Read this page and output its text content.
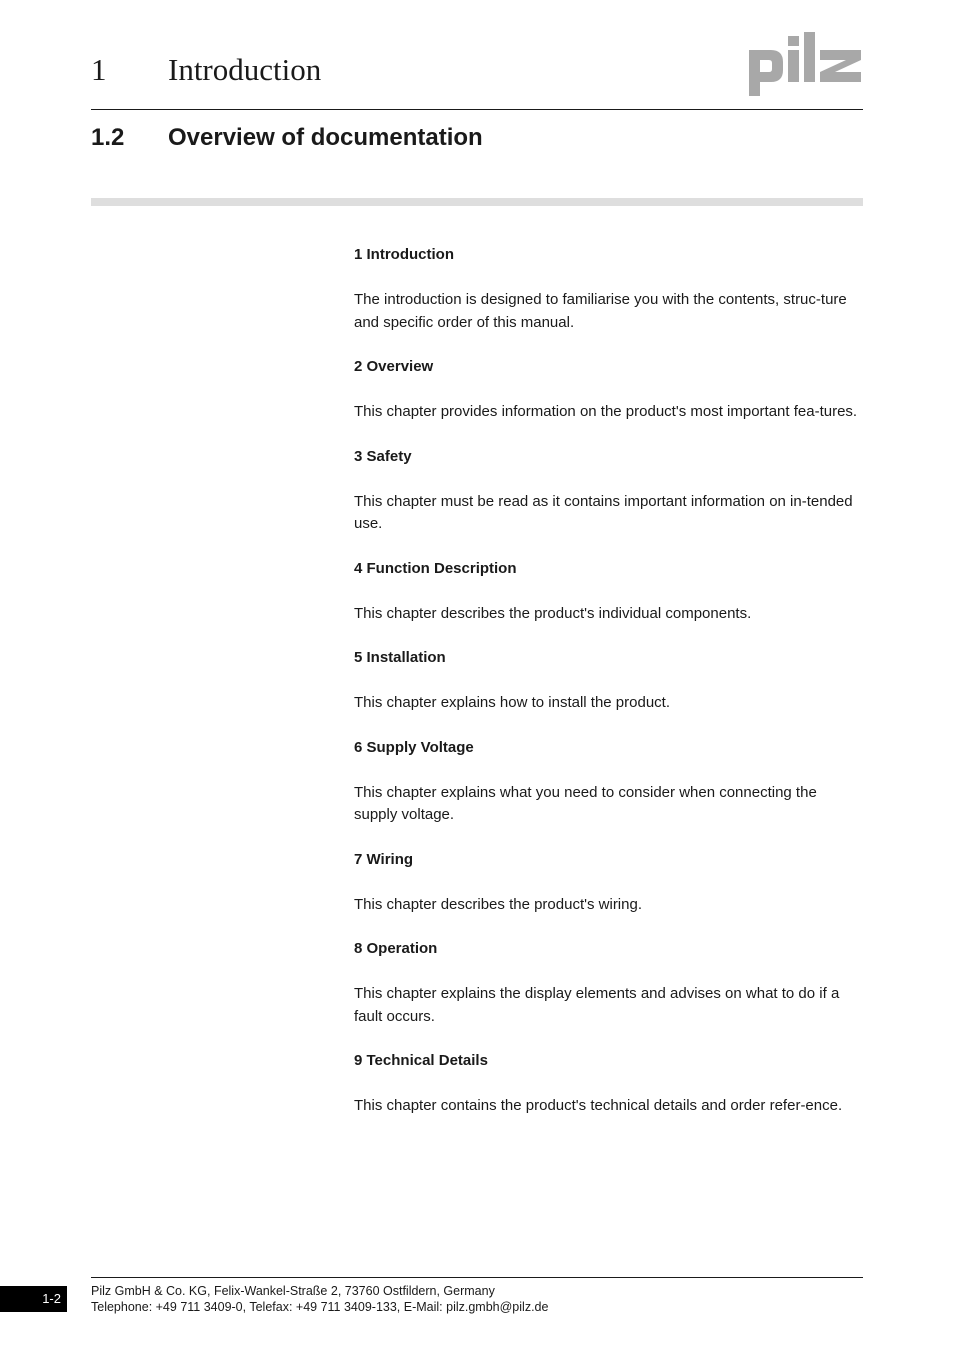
1 Introduction
1.2 Overview of documentation

1 Introduction

The introduction is designed to familiarise you with the contents, struc-ture and specific order of this manual.

2 Overview

This chapter provides information on the product's most important fea-tures.

3 Safety

This chapter must be read as it contains important information on in-tended use.

4 Function Description

This chapter describes the product's individual components.

5 Installation

This chapter explains how to install the product.

6 Supply Voltage

This chapter explains what you need to consider when connecting the supply voltage.

7 Wiring

This chapter describes the product's wiring.

8 Operation

This chapter explains the display elements and advises on what to do if a fault occurs.

9 Technical Details

This chapter contains the product's technical details and order refer-ence.

1-2	Pilz GmbH & Co. KG, Felix-Wankel-Straße 2, 73760 Ostfildern, Germany
Telephone: +49 711 3409-0, Telefax: +49 711 3409-133, E-Mail: pilz.gmbh@pilz.de
